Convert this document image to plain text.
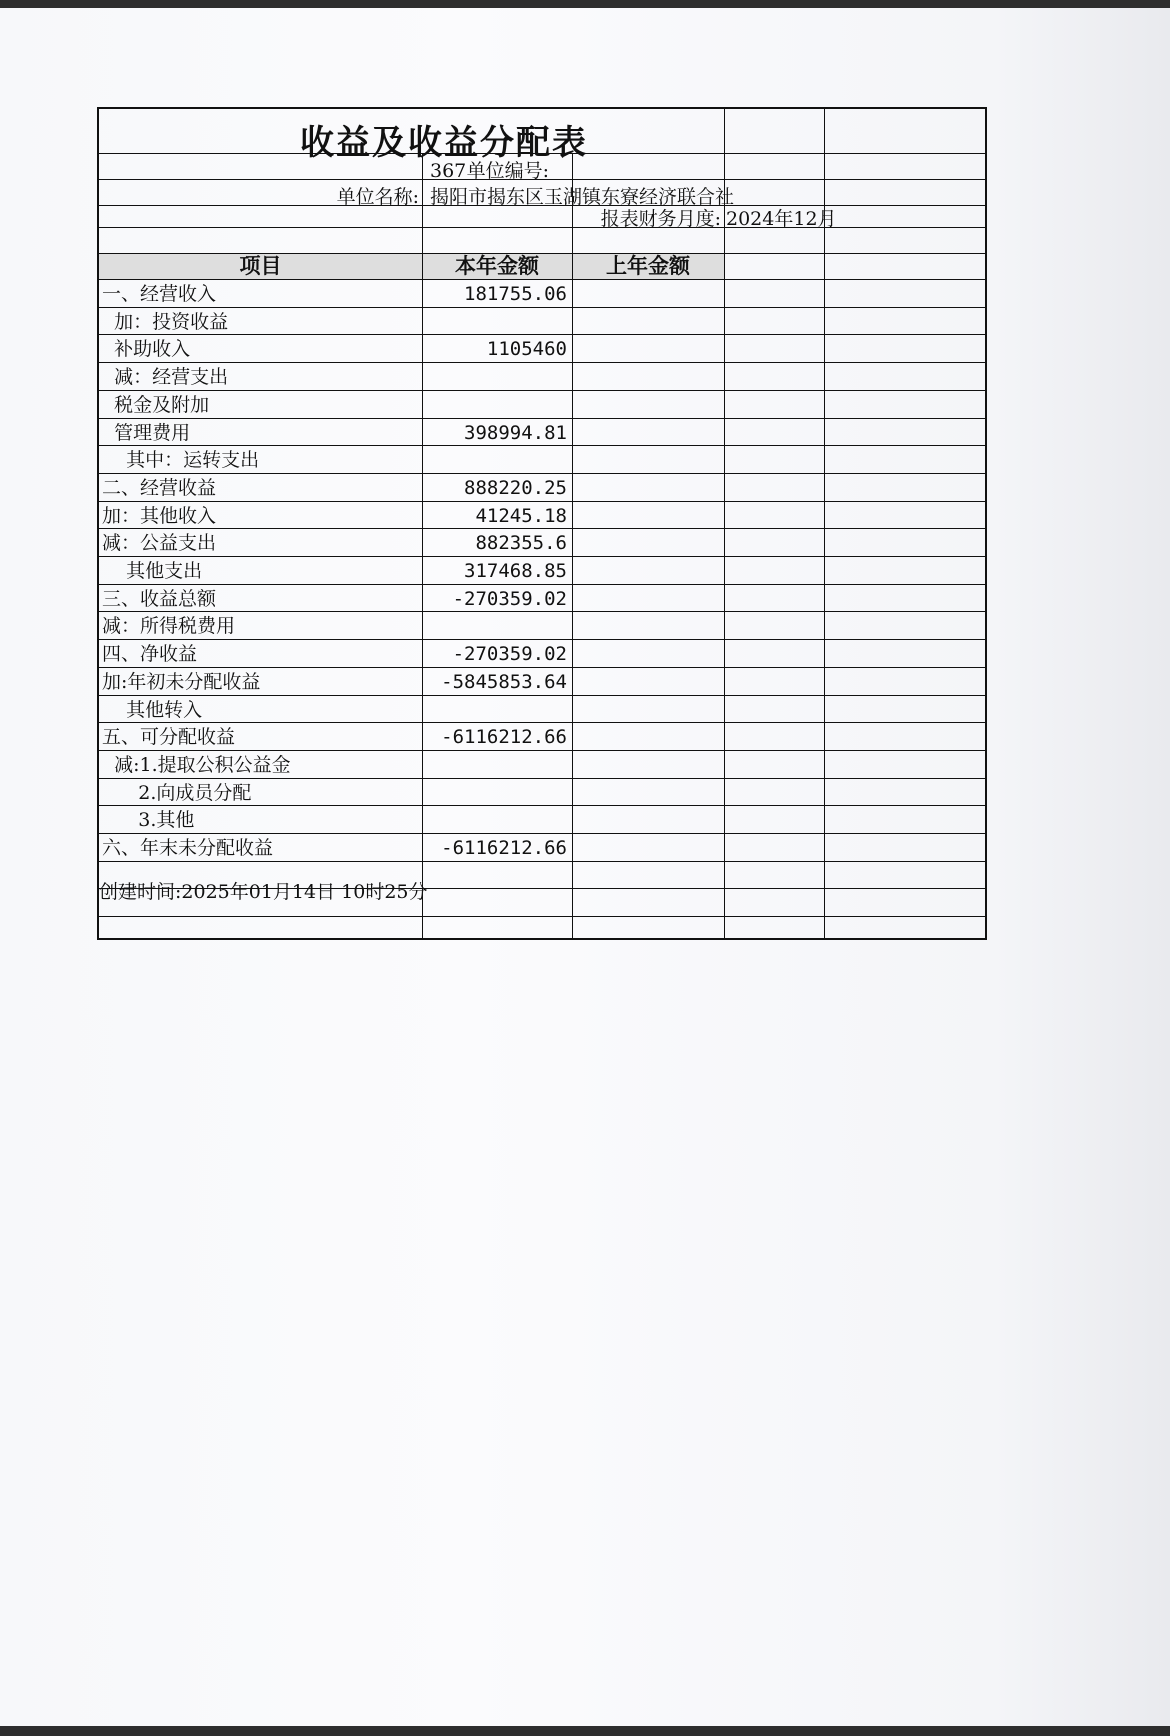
收益及收益分配表
单位编号:
367
单位名称: 揭阳市揭东区玉湖镇东寮经济联合社
报表财务月度: 2024年12月
项目	本年金额	上年金额
一、经营收入	181755.06
加：投资收益
补助收入	1105460
减：经营支出
税金及附加
管理费用	398994.81
其中：运转支出
二、经营收益	888220.25
加：其他收入	41245.18
减：公益支出	882355.6
其他支出	317468.85
三、收益总额	-270359.02
减：所得税费用
四、净收益	-270359.02
加:年初未分配收益	-5845853.64
其他转入
五、可分配收益	-6116212.66
减:1.提取公积公益金
2.向成员分配
3.其他
六、年末未分配收益	-6116212.66
创建时间:2025年01月14日 10时25分
